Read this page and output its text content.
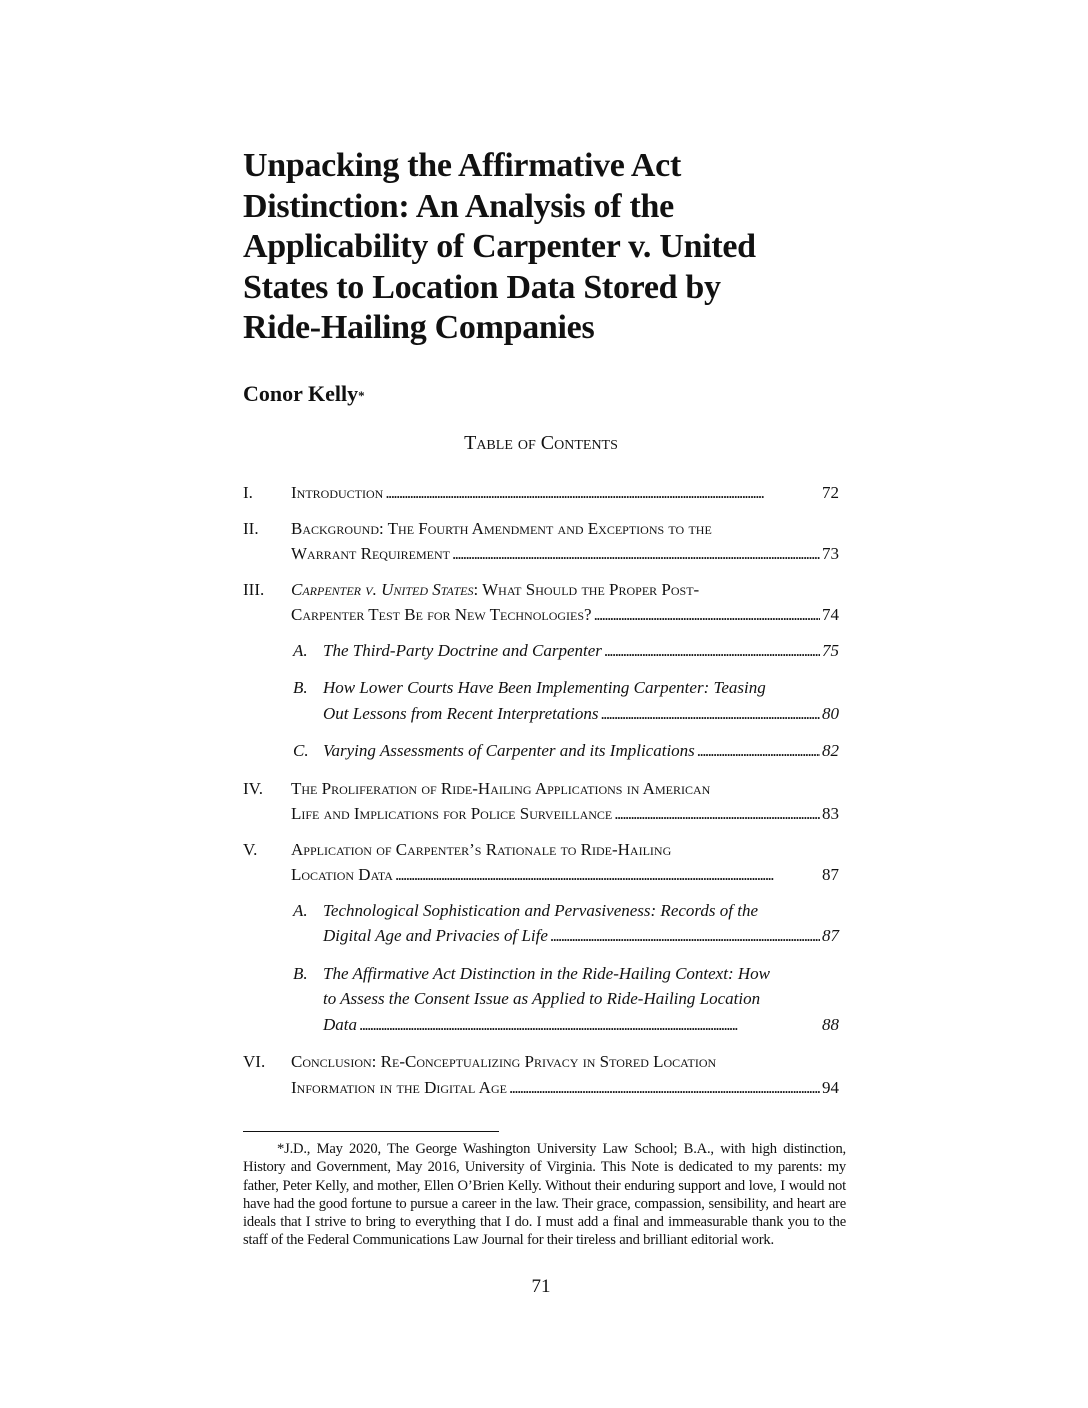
Unpacking the Affirmative Act
Distinction: An Analysis of the
Applicability of Carpenter v. United
States to Location Data Stored by
Ride-Hailing Companies

Conor Kelly*

Table of Contents
I. Introduction . . .	72
II. Background: The Fourth Amendment and Exceptions to the
Warrant Requirement . . .	73
III. Carpenter v. United States: What Should the Proper Post-
Carpenter Test Be for New Technologies? . . .	74
A. The Third-Party Doctrine and Carpenter . . .	75
B. How Lower Courts Have Been Implementing Carpenter: Teasing
Out Lessons from Recent Interpretations . . .	80
C. Varying Assessments of Carpenter and its Implications . . .	82
IV. The Proliferation of Ride-Hailing Applications in American
Life and Implications for Police Surveillance . . .	83
V. Application of Carpenter’s Rationale to Ride-Hailing
Location Data . . .	87
A. Technological Sophistication and Pervasiveness: Records of the
Digital Age and Privacies of Life . . .	87
B. The Affirmative Act Distinction in the Ride-Hailing Context: How
to Assess the Consent Issue as Applied to Ride-Hailing Location
Data . . .	88
VI. Conclusion: Re-Conceptualizing Privacy in Stored Location
Information in the Digital Age . . .	94

*J.D., May 2020, The George Washington University Law School; B.A., with high distinction, History and Government, May 2016, University of Virginia. This Note is dedicated to my parents: my father, Peter Kelly, and mother, Ellen O’Brien Kelly. Without their enduring support and love, I would not have had the good fortune to pursue a career in the law. Their grace, compassion, sensibility, and heart are ideals that I strive to bring to everything that I do. I must add a final and immeasurable thank you to the staff of the Federal Communications Law Journal for their tireless and brilliant editorial work.

71
